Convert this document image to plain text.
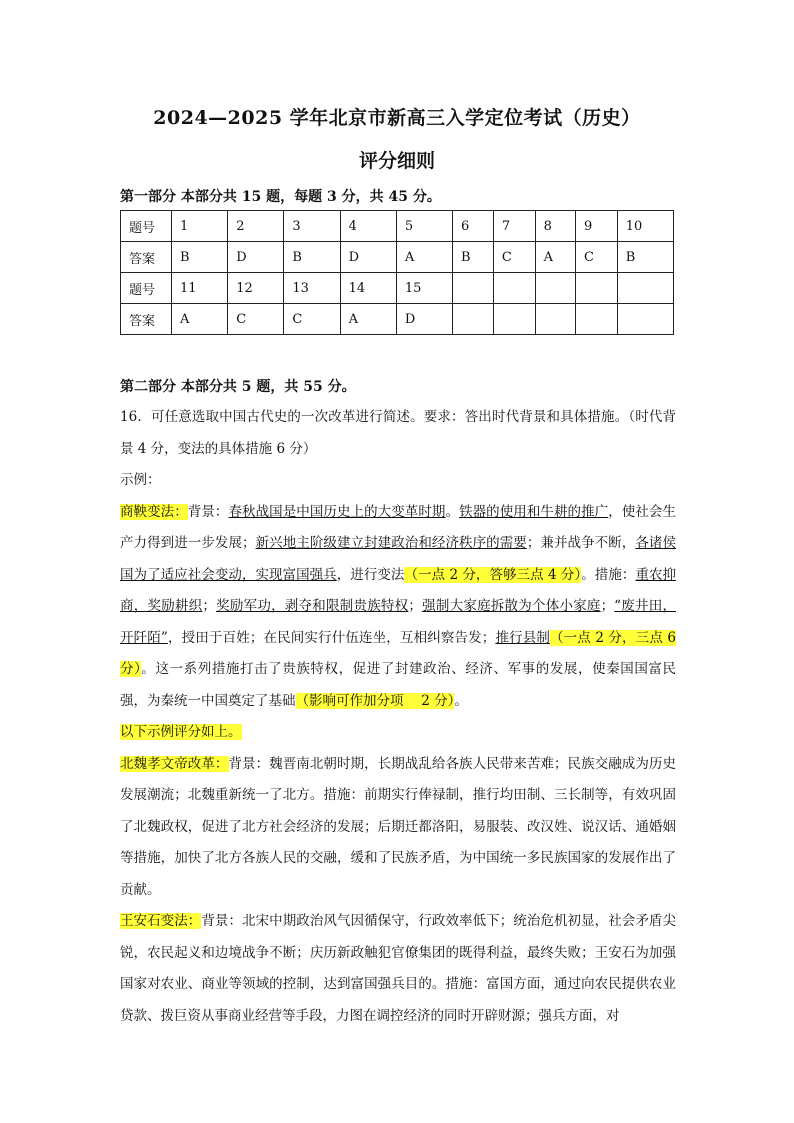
2024—2025 学年北京市新高三入学定位考试（历史）
评分细则
第一部分 本部分共 15 题，每题 3 分，共 45 分。
题号	1	2	3	4	5	6	7	8	9	10
答案	B	D	B	D	A	B	C	A	C	B
题号	11	12	13	14	15					
答案	A	C	C	A	D					
第二部分 本部分共 5 题，共 55 分。

16．可任意选取中国古代史的一次改革进行简述。要求：答出时代背景和具体措施。（时代背景 4 分，变法的具体措施 6 分）

示例：

商鞅变法：背景：春秋战国是中国历史上的大变革时期。铁器的使用和牛耕的推广，使社会生产力得到进一步发展；新兴地主阶级建立封建政治和经济秩序的需要；兼并战争不断，各诸侯国为了适应社会变动，实现富国强兵，进行变法（一点 2 分，答够三点 4 分）。措施：重农抑商，奖励耕织；奖励军功，剥夺和限制贵族特权；强制大家庭拆散为个体小家庭；“废井田，开阡陌”，授田于百姓；在民间实行什伍连坐，互相纠察告发；推行县制（一点 2 分，三点 6 分）。这一系列措施打击了贵族特权，促进了封建政治、经济、军事的发展，使秦国国富民强，为秦统一中国奠定了基础（影响可作加分项　 2 分）。

以下示例评分如上。

北魏孝文帝改革：背景：魏晋南北朝时期，长期战乱给各族人民带来苦难；民族交融成为历史发展潮流；北魏重新统一了北方。措施：前期实行俸禄制，推行均田制、三长制等，有效巩固了北魏政权，促进了北方社会经济的发展；后期迁都洛阳，易服装、改汉姓、说汉话、通婚姻等措施，加快了北方各族人民的交融，缓和了民族矛盾，为中国统一多民族国家的发展作出了贡献。

王安石变法：背景：北宋中期政治风气因循保守，行政效率低下；统治危机初显，社会矛盾尖锐，农民起义和边境战争不断；庆历新政触犯官僚集团的既得利益，最终失败；王安石为加强国家对农业、商业等领域的控制，达到富国强兵目的。措施：富国方面，通过向农民提供农业贷款、拨巨资从事商业经营等手段，力图在调控经济的同时开辟财源；强兵方面，对
